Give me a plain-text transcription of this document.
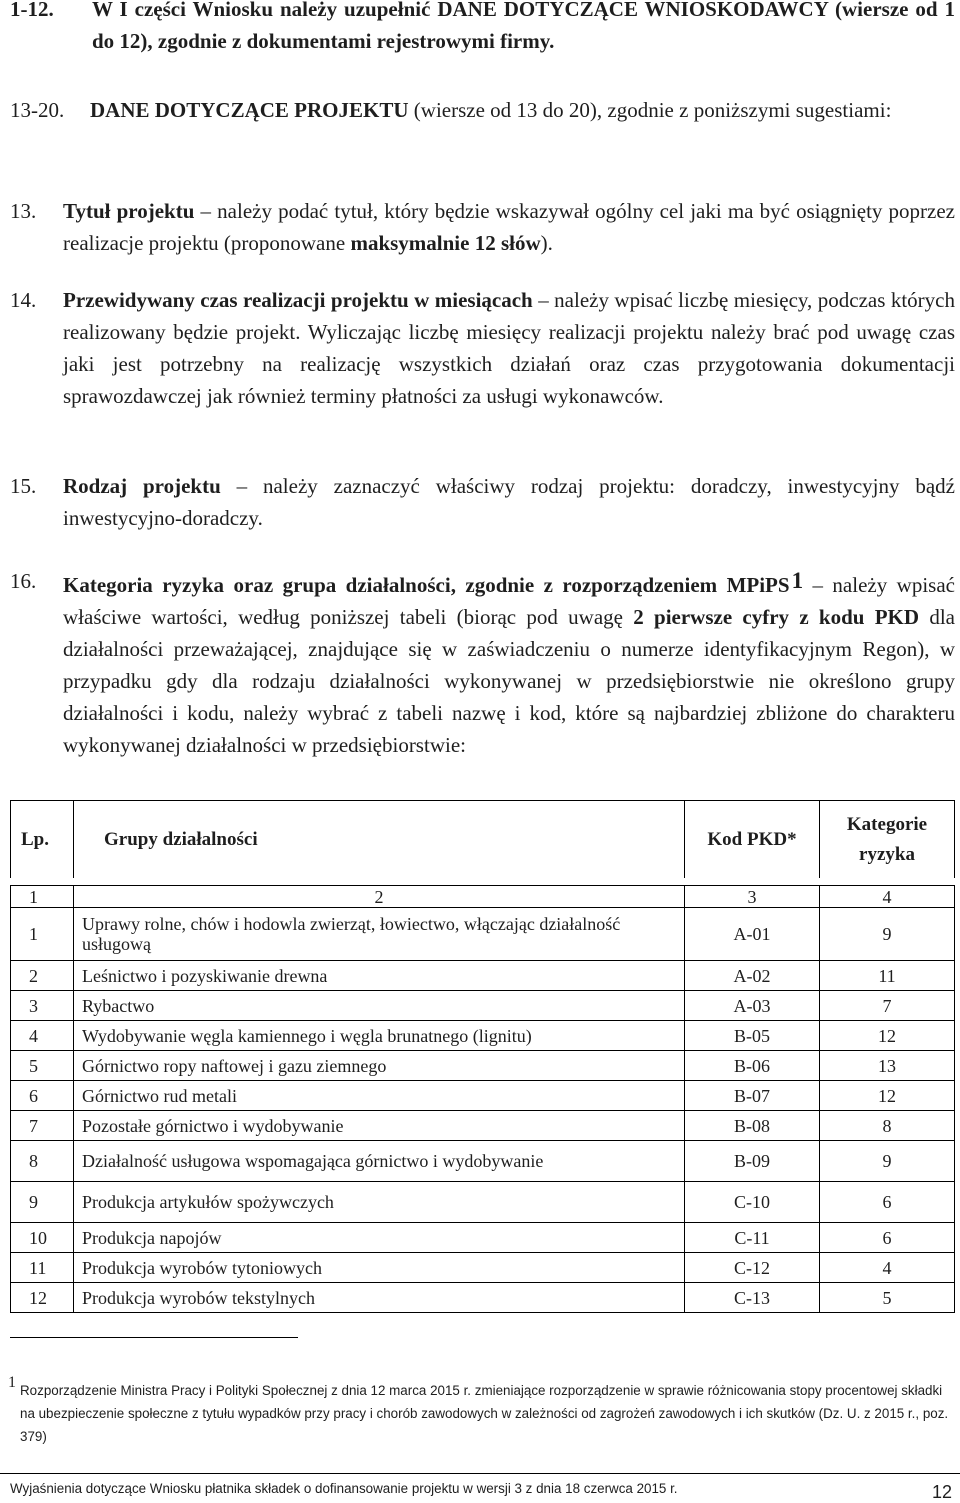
1-12. W I części Wniosku należy uzupełnić DANE DOTYCZĄCE WNIOSKODAWCY (wiersze od 1 do 12), zgodnie z dokumentami rejestrowymi firmy.
13-20. DANE DOTYCZĄCE PROJEKTU (wiersze od 13 do 20), zgodnie z poniższymi sugestiami:
13. Tytuł projektu – należy podać tytuł, który będzie wskazywał ogólny cel jaki ma być osiągnięty poprzez realizacje projektu (proponowane maksymalnie 12 słów).
14. Przewidywany czas realizacji projektu w miesiącach – należy wpisać liczbę miesięcy, podczas których realizowany będzie projekt. Wyliczając liczbę miesięcy realizacji projektu należy brać pod uwagę czas jaki jest potrzebny na realizację wszystkich działań oraz czas przygotowania dokumentacji sprawozdawczej jak również terminy płatności za usługi wykonawców.
15. Rodzaj projektu – należy zaznaczyć właściwy rodzaj projektu: doradczy, inwestycyjny bądź inwestycyjno-doradczy.
16. Kategoria ryzyka oraz grupa działalności, zgodnie z rozporządzeniem MPiPS1 – należy wpisać właściwe wartości, według poniższej tabeli (biorąc pod uwagę 2 pierwsze cyfry z kodu PKD dla działalności przeważającej, znajdujące się w zaświadczeniu o numerze identyfikacyjnym Regon), w przypadku gdy dla rodzaju działalności wykonywanej w przedsiębiorstwie nie określono grupy działalności i kodu, należy wybrać z tabeli nazwę i kod, które są najbardziej zbliżone do charakteru wykonywanej działalności w przedsiębiorstwie:
Lp.	Grupy działalności	Kod PKD*	Kategorie ryzyka

1	2	3	4
1	Uprawy rolne, chów i hodowla zwierząt, łowiectwo, włączając działalność usługową	A-01	9
2	Leśnictwo i pozyskiwanie drewna	A-02	11
3	Rybactwo	A-03	7
4	Wydobywanie węgla kamiennego i węgla brunatnego (lignitu)	B-05	12
5	Górnictwo ropy naftowej i gazu ziemnego	B-06	13
6	Górnictwo rud metali	B-07	12
7	Pozostałe górnictwo i wydobywanie	B-08	8
8	Działalność usługowa wspomagająca górnictwo i wydobywanie	B-09	9
9	Produkcja artykułów spożywczych	C-10	6
10	Produkcja napojów	C-11	6
11	Produkcja wyrobów tytoniowych	C-12	4
12	Produkcja wyrobów tekstylnych	C-13	5
1 Rozporządzenie Ministra Pracy i Polityki Społecznej z dnia 12 marca 2015 r. zmieniające rozporządzenie w sprawie różnicowania stopy procentowej składki na ubezpieczenie społeczne z tytułu wypadków przy pracy i chorób zawodowych w zależności od zagrożeń zawodowych i ich skutków (Dz. U. z 2015 r., poz. 379)
Wyjaśnienia dotyczące Wniosku płatnika składek o dofinansowanie projektu w wersji 3 z dnia 18 czerwca 2015 r.	12
